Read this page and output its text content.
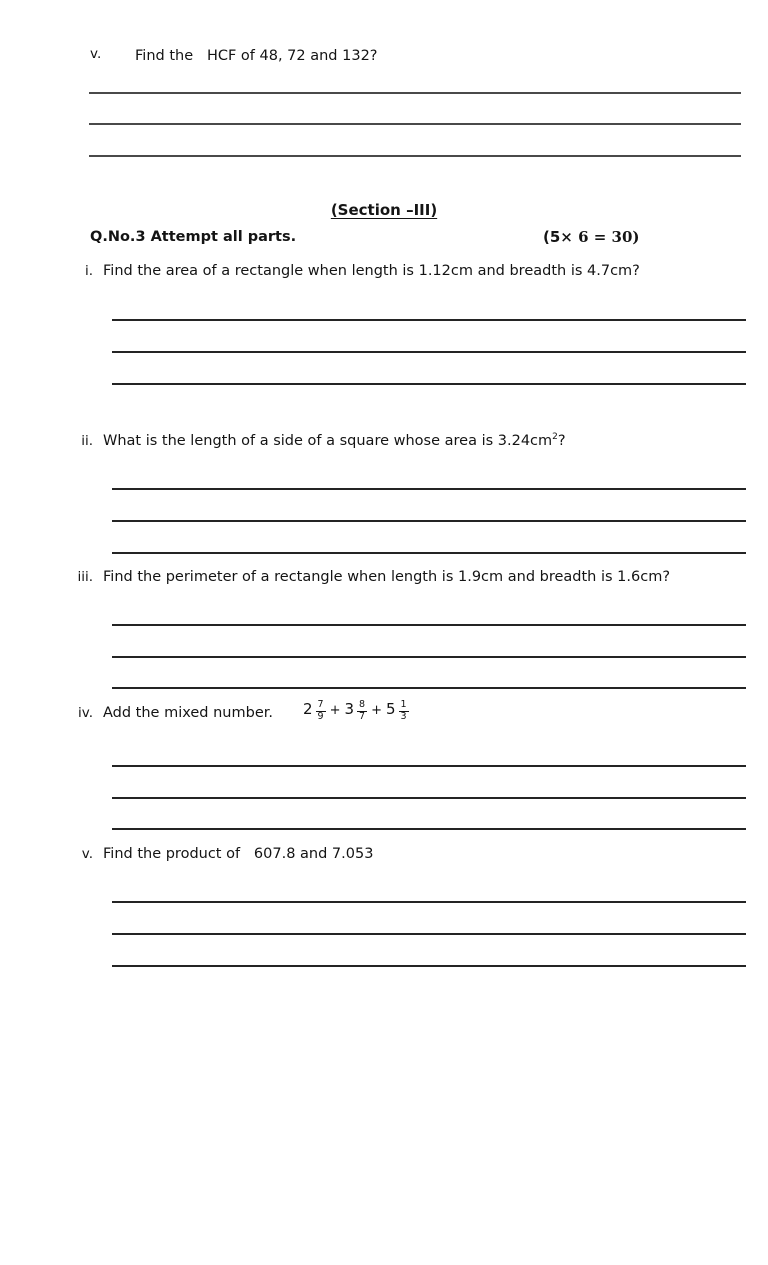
v. Find the   HCF of 48, 72 and 132?
(Section –III)
Q.No.3 Attempt all parts.	(5× 6 = 30)
i. Find the area of a rectangle when length is 1.12cm and breadth is 4.7cm?
ii. What is the length of a side of a square whose area is $3.24cm^2$?
iii. Find the perimeter of a rectangle when length is 1.9cm and breadth is 1.6cm?
iv. Add the mixed number. $2 \frac{7}{9} + 3 \frac{8}{7} + 5 \frac{1}{3}$
v. Find the product of   607.8 and 7.053
